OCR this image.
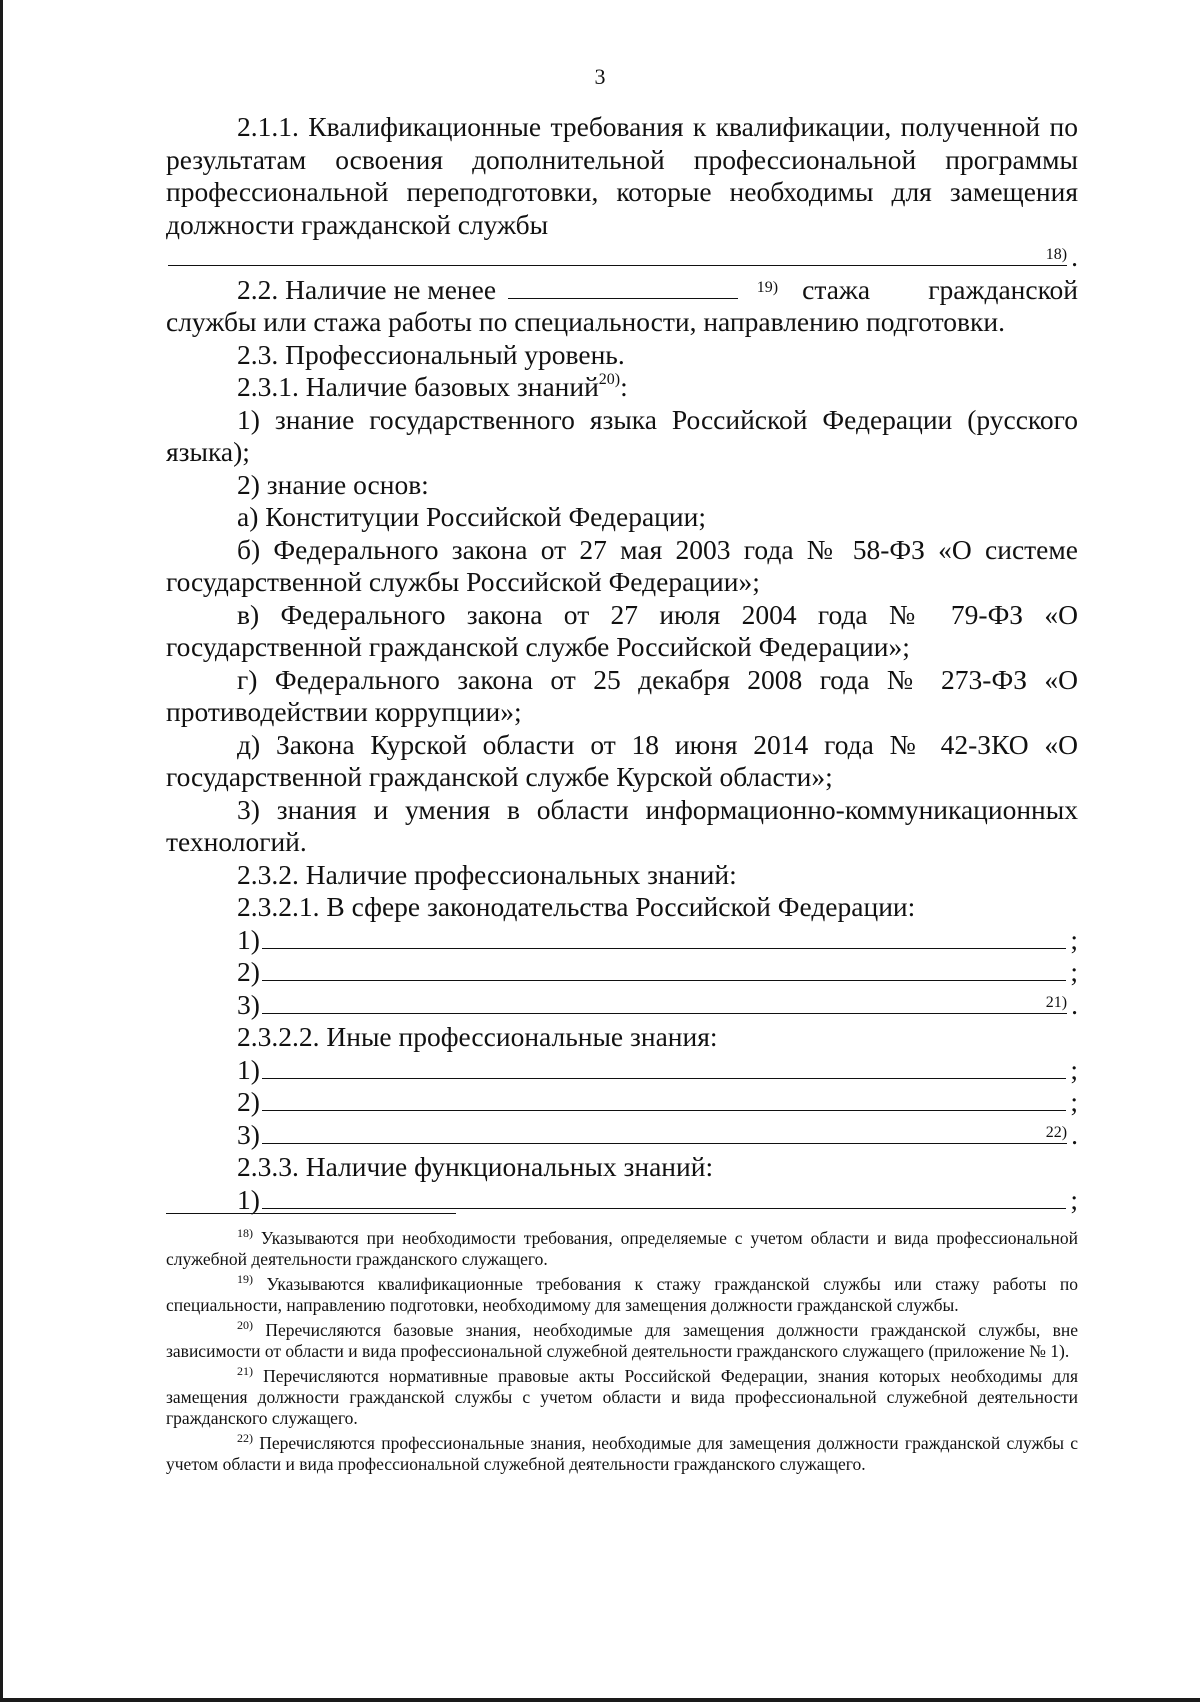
3

2.1.1. Квалификационные требования к квалификации, полученной по результатам освоения дополнительной профессиональной программы профессиональной переподготовки, которые необходимы для замещения должности гражданской службы

18) .
2.2. Наличие не менее	19) стажа гражданской

службы или стажа работы по специальности, направлению подготовки.

2.3. Профессиональный уровень.

2.3.1. Наличие базовых знаний$^{20)}$:

1) знание государственного языка Российской Федерации (русского языка);

2) знание основ:

а) Конституции Российской Федерации;

б) Федерального закона от 27 мая 2003 года № 58-ФЗ «О системе государственной службы Российской Федерации»;

в) Федерального закона от 27 июля 2004 года № 79-ФЗ «О государственной гражданской службе Российской Федерации»;

г) Федерального закона от 25 декабря 2008 года № 273-ФЗ «О противодействии коррупции»;

д) Закона Курской области от 18 июня 2014 года № 42-ЗКО «О государственной гражданской службе Курской области»;

3) знания и умения в области информационно-коммуникационных технологий.

2.3.2. Наличие профессиональных знаний:

2.3.2.1. В сфере законодательства Российской Федерации:

1)	;
2)	;
3)	21) .

2.3.2.2. Иные профессиональные знания:

1)	;
2)	;
3)	22) .

2.3.3. Наличие функциональных знаний:

1)	;

$^{18)}$ Указываются при необходимости требования, определяемые с учетом области и вида профессиональной служебной деятельности гражданского служащего.

$^{19)}$ Указываются квалификационные требования к стажу гражданской службы или стажу работы по специальности, направлению подготовки, необходимому для замещения должности гражданской службы.

$^{20)}$ Перечисляются базовые знания, необходимые для замещения должности гражданской службы, вне зависимости от области и вида профессиональной служебной деятельности гражданского служащего (приложение № 1).

$^{21)}$ Перечисляются нормативные правовые акты Российской Федерации, знания которых необходимы для замещения должности гражданской службы с учетом области и вида профессиональной служебной деятельности гражданского служащего.

$^{22)}$ Перечисляются профессиональные знания, необходимые для замещения должности гражданской службы с учетом области и вида профессиональной служебной деятельности гражданского служащего.
